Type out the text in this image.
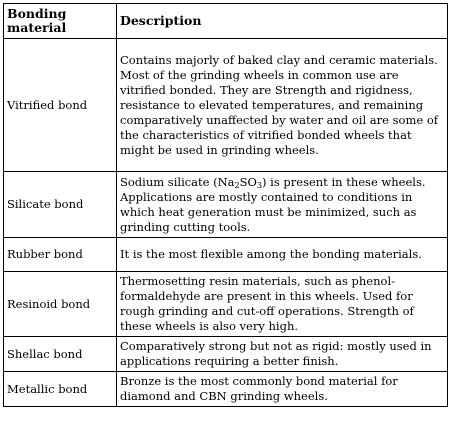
Bonding material	Description
Vitrified bond	Contains majorly of baked clay and ceramic materials. Most of the grinding wheels in common use are vitrified bonded. They are Strength and rigidness, resistance to elevated temperatures, and remaining comparatively unaffected by water and oil are some of the characteristics of vitrified bonded wheels that might be used in grinding wheels.
Silicate bond	Sodium silicate $(Na_2SO_3)$ is present in these wheels. Applications are mostly contained to conditions in which heat generation must be minimized, such as grinding cutting tools.
Rubber bond	It is the most flexible among the bonding materials.
Resinoid bond	Thermosetting resin materials, such as phenol-formaldehyde are present in this wheels. Used for rough grinding and cut-off operations. Strength of these wheels is also very high.
Shellac bond	Comparatively strong but not as rigid: mostly used in applications requiring a better finish.
Metallic bond	Bronze is the most commonly bond material for diamond and CBN grinding wheels.
